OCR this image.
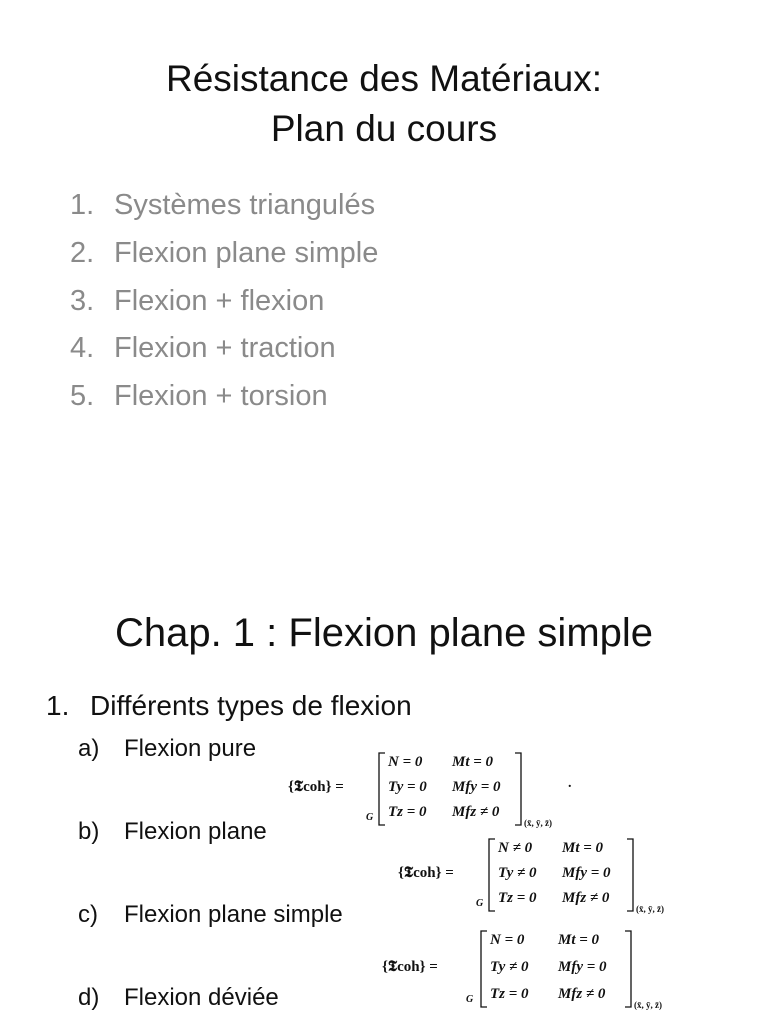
Résistance des Matériaux:
Plan du cours
1. Systèmes triangulés
2. Flexion plane simple
3. Flexion + flexion
4. Flexion + traction
5. Flexion + torsion
Chap. 1 : Flexion plane simple
1. Différents types de flexion
a) Flexion pure
b) Flexion plane
c) Flexion plane simple
d) Flexion déviée
{𝕿coh} =
G
N = 0 Mt = 0
Ty = 0 Mfy = 0
Tz = 0 Mfz ≠ 0
(x̄, ȳ, z̄)
.
{𝕿coh} =
G
N ≠ 0 Mt = 0
Ty ≠ 0 Mfy = 0
Tz = 0 Mfz ≠ 0
(x̄, ȳ, z̄)
{𝕿coh} =
G
N = 0 Mt = 0
Ty ≠ 0 Mfy = 0
Tz = 0 Mfz ≠ 0
(x̄, ȳ, z̄)
